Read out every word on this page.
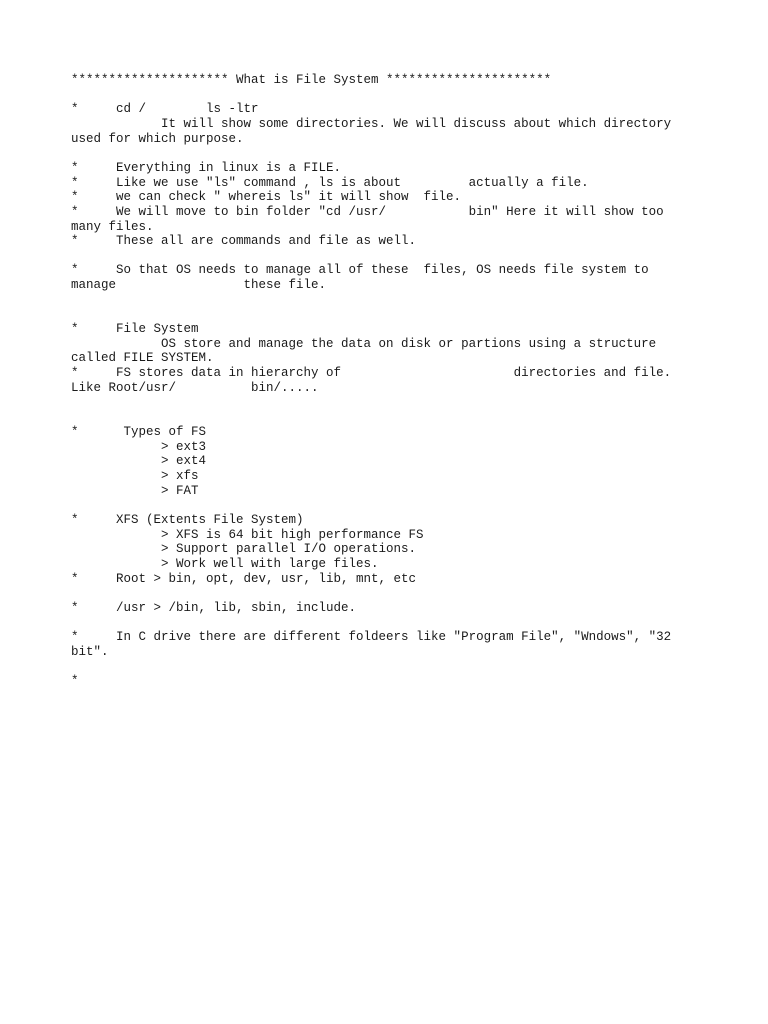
********************* What is File System **********************
*     cd /        ls -ltr
It will show some directories. We will discuss about which directory
used for which purpose.
*     Everything in linux is a FILE.
*     Like we use "ls" command , ls is about         actually a file.
*     we can check " whereis ls" it will show  file.
*     We will move to bin folder "cd /usr/           bin" Here it will show too
many files.
*     These all are commands and file as well.
*     So that OS needs to manage all of these  files, OS needs file system to
manage                 these file.
*     File System
OS store and manage the data on disk or partions using a structure
called FILE SYSTEM.
*     FS stores data in hierarchy of                       directories and file.
Like Root/usr/          bin/.....
*      Types of FS
> ext3
> ext4
> xfs
> FAT
*     XFS (Extents File System)
> XFS is 64 bit high performance FS
> Support parallel I/O operations.
> Work well with large files.
*     Root > bin, opt, dev, usr, lib, mnt, etc
*     /usr > /bin, lib, sbin, include.
*     In C drive there are different foldeers like "Program File", "Wndows", "32
bit".
*
